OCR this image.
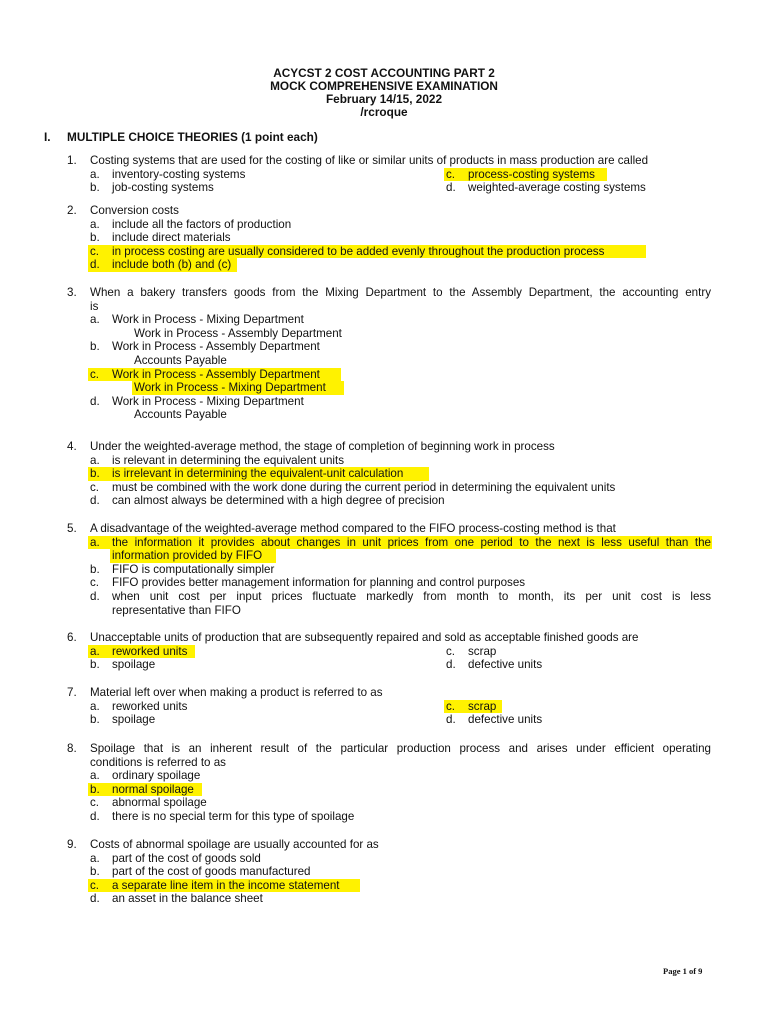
ACYCST 2 COST ACCOUNTING PART 2
MOCK COMPREHENSIVE EXAMINATION
February 14/15, 2022
/rcroque
I. MULTIPLE CHOICE THEORIES (1 point each)
1. Costing systems that are used for the costing of like or similar units of products in mass production are called
a. inventory-costing systems	c. process-costing systems
b. job-costing systems	d. weighted-average costing systems
2. Conversion costs
a. include all the factors of production
b. include direct materials
c. in process costing are usually considered to be added evenly throughout the production process
d. include both (b) and (c)
3. When a bakery transfers goods from the Mixing Department to the Assembly Department, the accounting entry
is
a. Work in Process - Mixing Department
Work in Process - Assembly Department
b. Work in Process - Assembly Department
Accounts Payable
c. Work in Process - Assembly Department
Work in Process - Mixing Department
d. Work in Process - Mixing Department
Accounts Payable
4. Under the weighted-average method, the stage of completion of beginning work in process
a. is relevant in determining the equivalent units
b. is irrelevant in determining the equivalent-unit calculation
c. must be combined with the work done during the current period in determining the equivalent units
d. can almost always be determined with a high degree of precision
5. A disadvantage of the weighted-average method compared to the FIFO process-costing method is that
a. the information it provides about changes in unit prices from one period to the next is less useful than the
information provided by FIFO
b. FIFO is computationally simpler
c. FIFO provides better management information for planning and control purposes
d. when unit cost per input prices fluctuate markedly from month to month, its per unit cost is less
representative than FIFO
6. Unacceptable units of production that are subsequently repaired and sold as acceptable finished goods are
a. reworked units	c. scrap
b. spoilage	d. defective units
7. Material left over when making a product is referred to as
a. reworked units	c. scrap
b. spoilage	d. defective units
8. Spoilage that is an inherent result of the particular production process and arises under efficient operating
conditions is referred to as
a. ordinary spoilage
b. normal spoilage
c. abnormal spoilage
d. there is no special term for this type of spoilage
9. Costs of abnormal spoilage are usually accounted for as
a. part of the cost of goods sold
b. part of the cost of goods manufactured
c. a separate line item in the income statement
d. an asset in the balance sheet
Page 1 of 9
